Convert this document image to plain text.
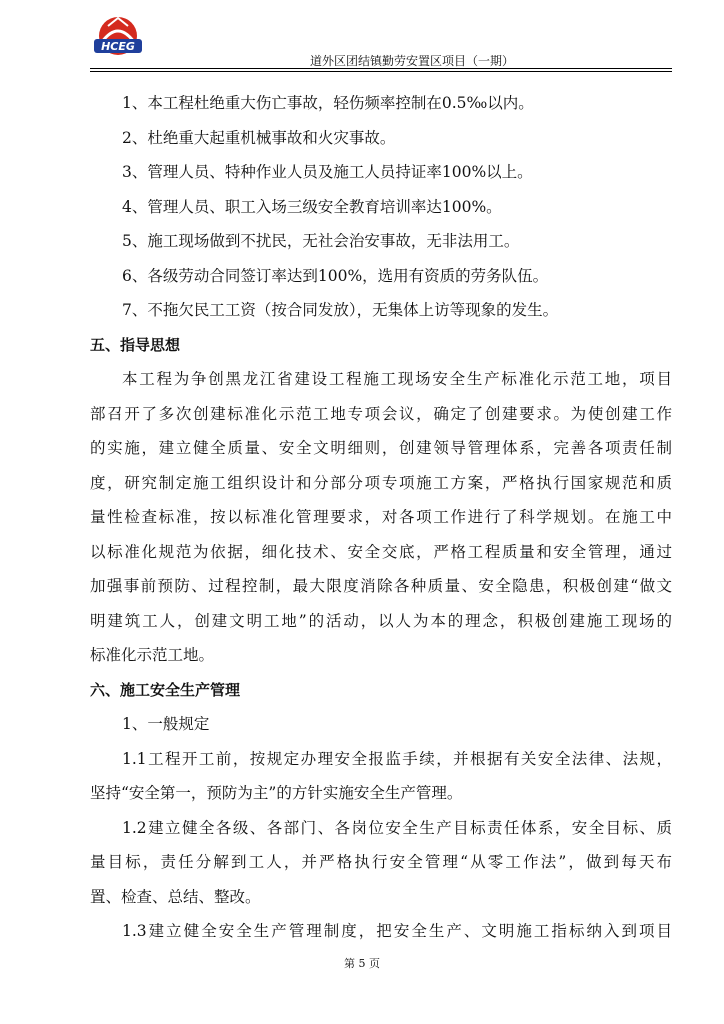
HCEG
道外区团结镇勤劳安置区项目（一期）
1、本工程杜绝重大伤亡事故，轻伤频率控制在0.5‰以内。
2、杜绝重大起重机械事故和火灾事故。
3、管理人员、特种作业人员及施工人员持证率100%以上。
4、管理人员、职工入场三级安全教育培训率达100%。
5、施工现场做到不扰民，无社会治安事故，无非法用工。
6、各级劳动合同签订率达到100%，选用有资质的劳务队伍。
7、不拖欠民工工资（按合同发放），无集体上访等现象的发生。
五、指导思想
本工程为争创黑龙江省建设工程施工现场安全生产标准化示范工地，项目
部召开了多次创建标准化示范工地专项会议，确定了创建要求。为使创建工作
的实施，建立健全质量、安全文明细则，创建领导管理体系，完善各项责任制
度，研究制定施工组织设计和分部分项专项施工方案，严格执行国家规范和质
量性检查标准，按以标准化管理要求，对各项工作进行了科学规划。在施工中
以标准化规范为依据，细化技术、安全交底，严格工程质量和安全管理，通过
加强事前预防、过程控制，最大限度消除各种质量、安全隐患，积极创建“做文
明建筑工人，创建文明工地”的活动，以人为本的理念，积极创建施工现场的
标准化示范工地。
六、施工安全生产管理
1、一般规定
1.1工程开工前，按规定办理安全报监手续，并根据有关安全法律、法规，
坚持“安全第一，预防为主”的方针实施安全生产管理。
1.2建立健全各级、各部门、各岗位安全生产目标责任体系，安全目标、质
量目标，责任分解到工人，并严格执行安全管理“从零工作法”，做到每天布
置、检查、总结、整改。
1.3建立健全安全生产管理制度，把安全生产、文明施工指标纳入到项目
第 5 页
